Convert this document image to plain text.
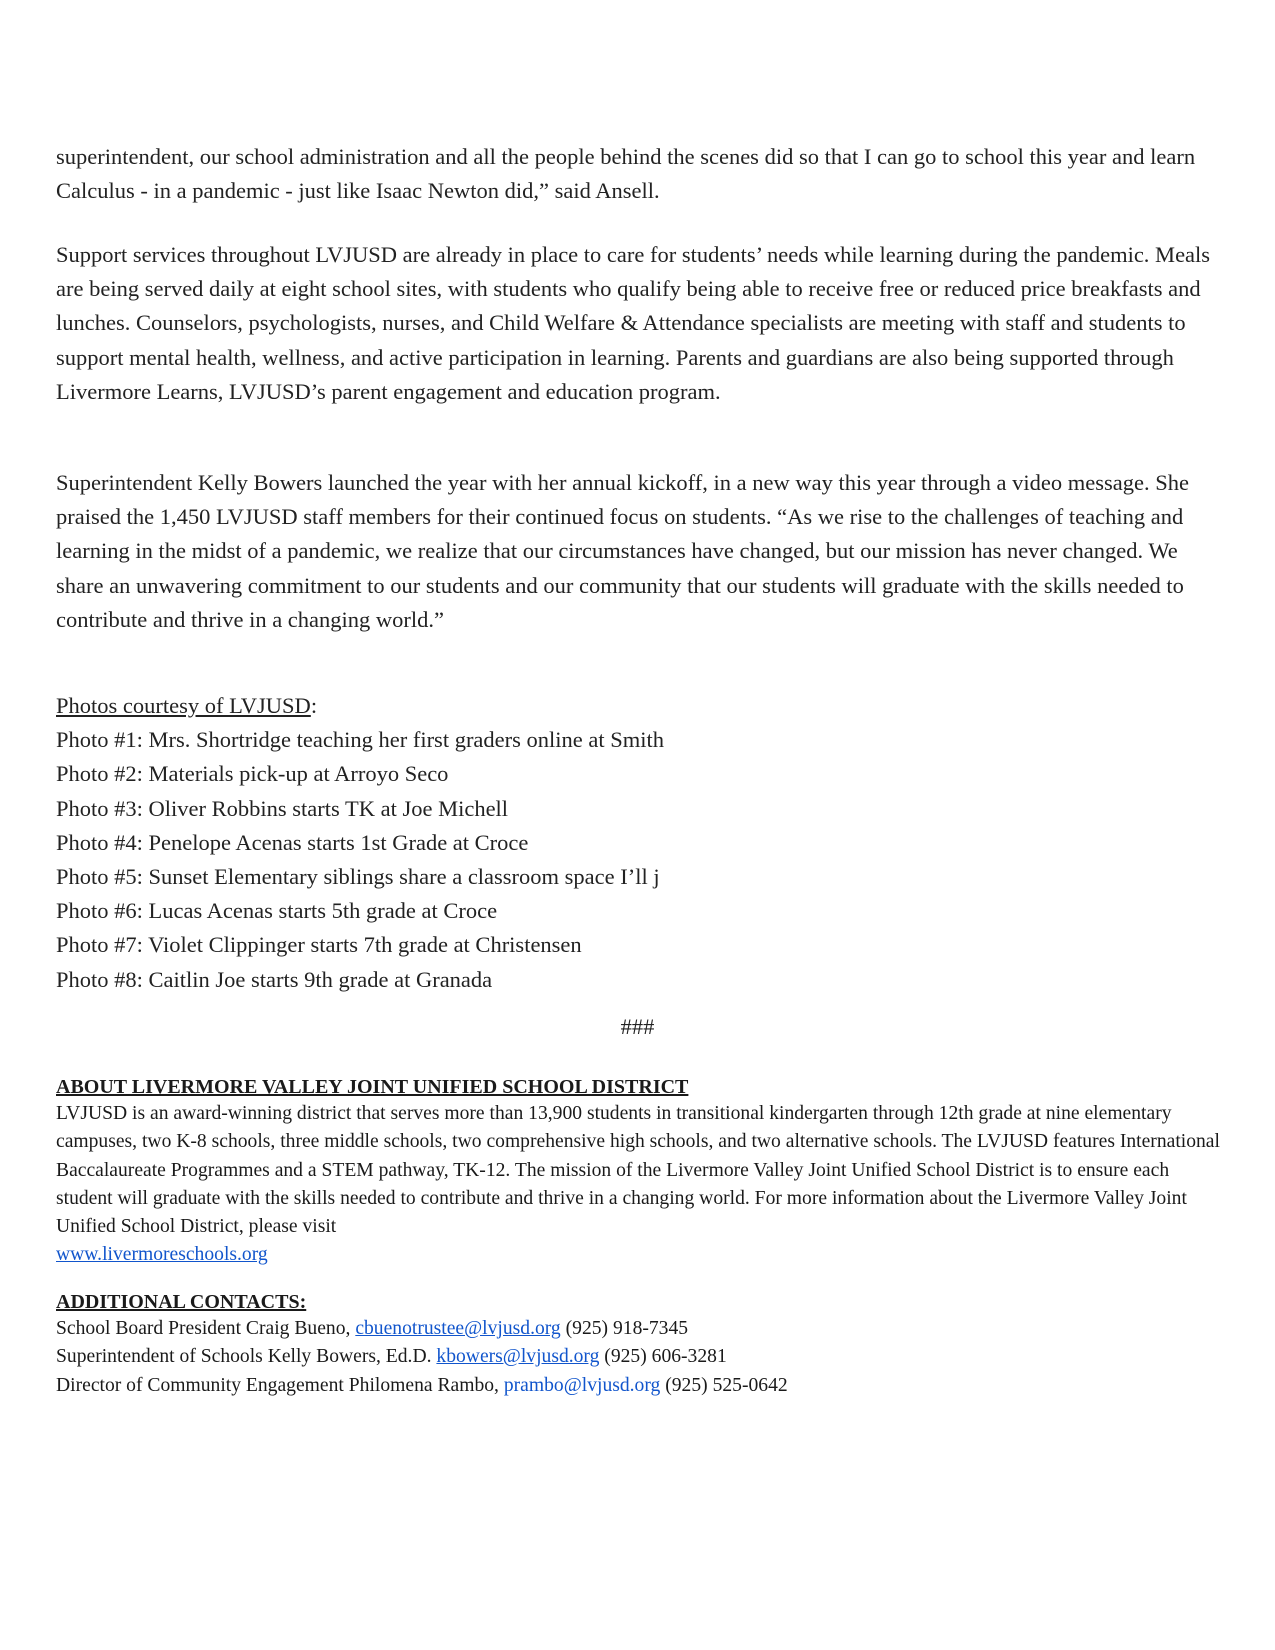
superintendent, our school administration and all the people behind the scenes did so that I can go to school this year and learn Calculus - in a pandemic - just like Isaac Newton did,” said Ansell.

Support services throughout LVJUSD are already in place to care for students’ needs while learning during the pandemic. Meals are being served daily at eight school sites, with students who qualify being able to receive free or reduced price breakfasts and lunches. Counselors, psychologists, nurses, and Child Welfare & Attendance specialists are meeting with staff and students to support mental health, wellness, and active participation in learning. Parents and guardians are also being supported through Livermore Learns, LVJUSD’s parent engagement and education program.

Superintendent Kelly Bowers launched the year with her annual kickoff, in a new way this year through a video message. She praised the 1,450 LVJUSD staff members for their continued focus on students. “As we rise to the challenges of teaching and learning in the midst of a pandemic, we realize that our circumstances have changed, but our mission has never changed. We share an unwavering commitment to our students and our community that our students will graduate with the skills needed to contribute and thrive in a changing world.”

Photos courtesy of LVJUSD:

Photo #1: Mrs. Shortridge teaching her first graders online at Smith

Photo #2: Materials pick-up at Arroyo Seco

Photo #3: Oliver Robbins starts TK at Joe Michell

Photo #4: Penelope Acenas starts 1st Grade at Croce

Photo #5: Sunset Elementary siblings share a classroom space I’ll j

Photo #6: Lucas Acenas starts 5th grade at Croce

Photo #7: Violet Clippinger starts 7th grade at Christensen

Photo #8: Caitlin Joe starts 9th grade at Granada

###

ABOUT LIVERMORE VALLEY JOINT UNIFIED SCHOOL DISTRICT

LVJUSD is an award-winning district that serves more than 13,900 students in transitional kindergarten through 12th grade at nine elementary campuses, two K-8 schools, three middle schools, two comprehensive high schools, and two alternative schools. The LVJUSD features International Baccalaureate Programmes and a STEM pathway, TK-12. The mission of the Livermore Valley Joint Unified School District is to ensure each student will graduate with the skills needed to contribute and thrive in a changing world. For more information about the Livermore Valley Joint Unified School District, please visit
www.livermoreschools.org

ADDITIONAL CONTACTS:

School Board President Craig Bueno, cbuenotrustee@lvjusd.org (925) 918-7345

Superintendent of Schools Kelly Bowers, Ed.D. kbowers@lvjusd.org (925) 606-3281

Director of Community Engagement Philomena Rambo, prambo@lvjusd.org (925) 525-0642
